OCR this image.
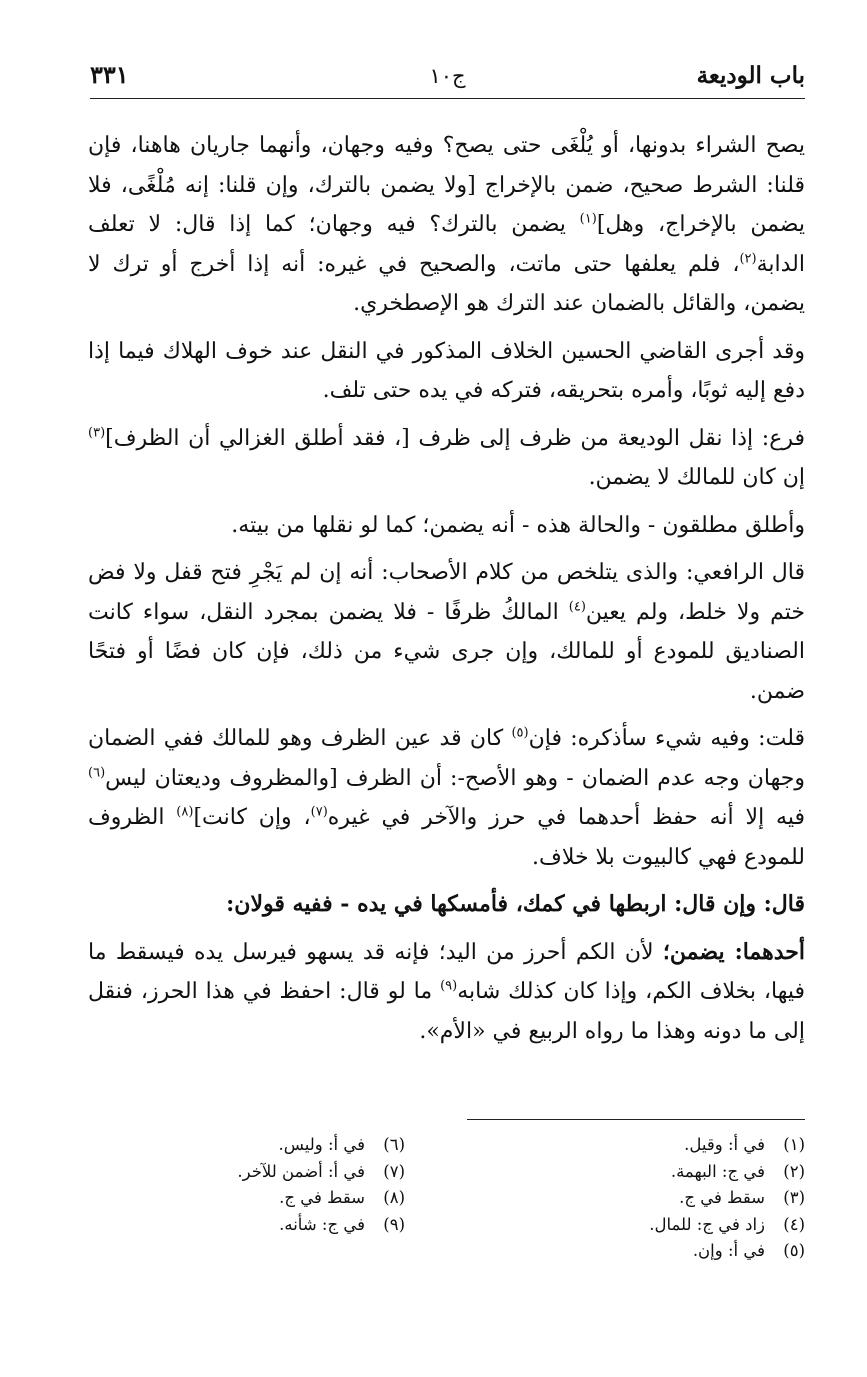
باب الوديعة
ج١٠
٣٣١

يصح الشراء بدونها، أو يُلْغَى حتى يصح؟ وفيه وجهان، وأنهما جاريان هاهنا، فإن قلنا: الشرط صحيح، ضمن بالإخراج [ولا يضمن بالترك، وإن قلنا: إنه مُلْغًى، فلا يضمن بالإخراج، وهل]$^{(١)}$ يضمن بالترك؟ فيه وجهان؛ كما إذا قال: لا تعلف الدابة$^{(٢)}$، فلم يعلفها حتى ماتت، والصحيح في غيره: أنه إذا أخرج أو ترك لا يضمن، والقائل بالضمان عند الترك هو الإصطخري.

وقد أجرى القاضي الحسين الخلاف المذكور في النقل عند خوف الهلاك فيما إذا دفع إليه ثوبًا، وأمره بتحريقه، فتركه في يده حتى تلف.

فرع: إذا نقل الوديعة من ظرف إلى ظرف [، فقد أطلق الغزالي أن الظرف]$^{(٣)}$ إن كان للمالك لا يضمن.

وأطلق مطلقون - والحالة هذه - أنه يضمن؛ كما لو نقلها من بيته.

قال الرافعي: والذى يتلخص من كلام الأصحاب: أنه إن لم يَجْرِ فتح قفل ولا فض ختم ولا خلط، ولم يعين$^{(٤)}$ المالكُ ظرفًا - فلا يضمن بمجرد النقل، سواء كانت الصناديق للمودع أو للمالك، وإن جرى شيء من ذلك، فإن كان فضًا أو فتحًا ضمن.

قلت: وفيه شيء سأذكره: فإن$^{(٥)}$ كان قد عين الظرف وهو للمالك ففي الضمان وجهان وجه عدم الضمان - وهو الأصح-: أن الظرف [والمظروف وديعتان ليس$^{(٦)}$ فيه إلا أنه حفظ أحدهما في حرز والآخر في غيره$^{(٧)}$، وإن كانت]$^{(٨)}$ الظروف للمودع فهي كالبيوت بلا خلاف.

قال: وإن قال: اربطها في كمك، فأمسكها في يده - ففيه قولان:

أحدهما: يضمن؛ لأن الكم أحرز من اليد؛ فإنه قد يسهو فيرسل يده فيسقط ما فيها، بخلاف الكم، وإذا كان كذلك شابه$^{(٩)}$ ما لو قال: احفظ في هذا الحرز، فنقل إلى ما دونه وهذا ما رواه الربيع في «الأم».

(١)في أ: وقيل.
(٢)في ج: البهمة.
(٣)سقط في ج.
(٤)زاد في ج: للمال.
(٥)في أ: وإن.
(٦)في أ: وليس.
(٧)في أ: أضمن للآخر.
(٨)سقط في ج.
(٩)في ج: شأنه.
